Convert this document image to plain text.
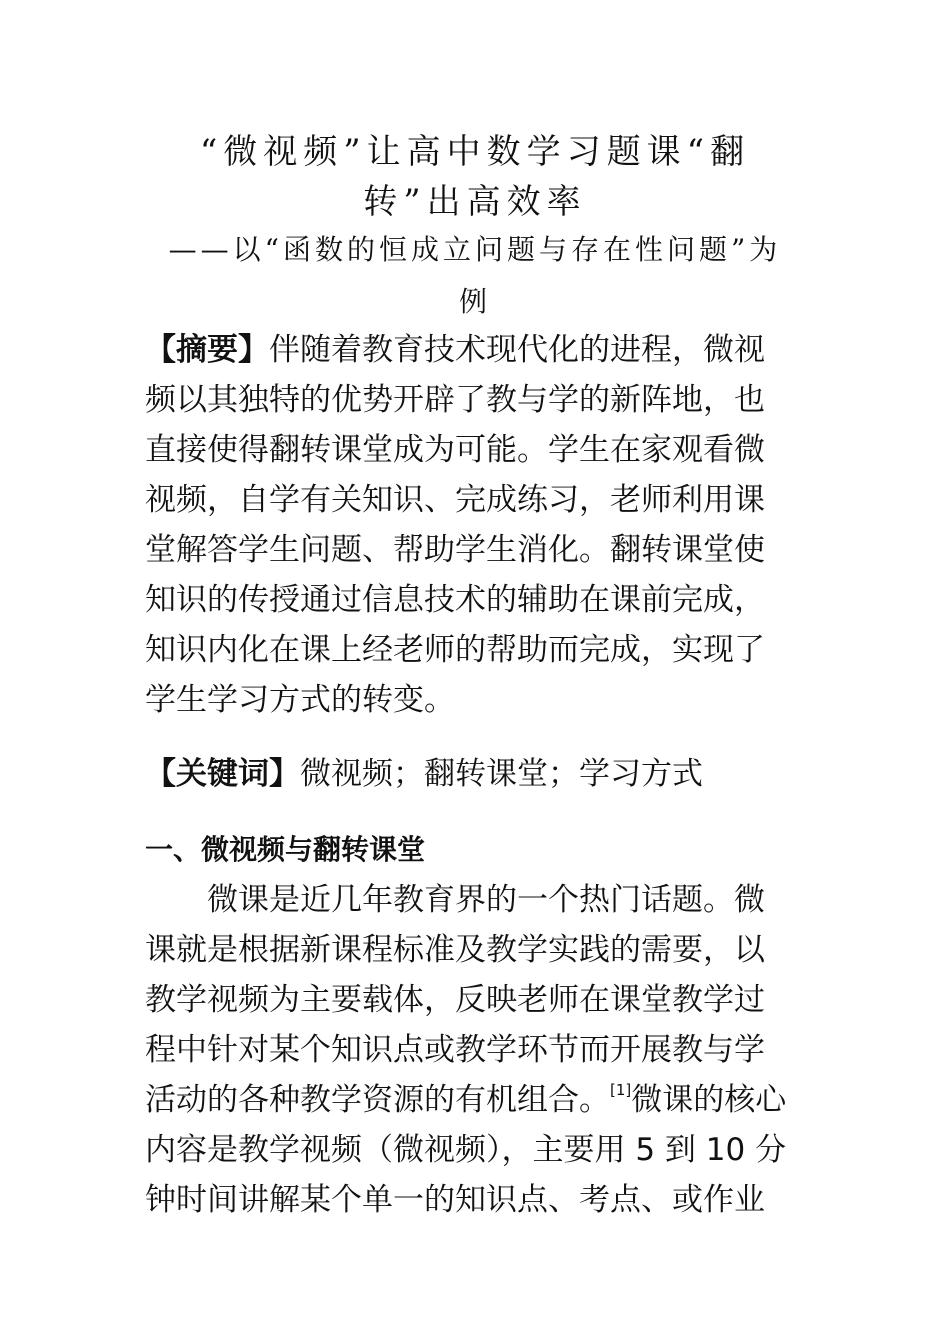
“微视频”让高中数学习题课“翻
转”出高效率

——以“函数的恒成立问题与存在性问题”为

例

【摘要】伴随着教育技术现代化的进程，微视

频以其独特的优势开辟了教与学的新阵地，也

直接使得翻转课堂成为可能。学生在家观看微

视频，自学有关知识、完成练习，老师利用课

堂解答学生问题、帮助学生消化。翻转课堂使

知识的传授通过信息技术的辅助在课前完成，

知识内化在课上经老师的帮助而完成，实现了

学生学习方式的转变。

【关键词】微视频；翻转课堂；学习方式

一、微视频与翻转课堂

微课是近几年教育界的一个热门话题。微

课就是根据新课程标准及教学实践的需要，以

教学视频为主要载体，反映老师在课堂教学过

程中针对某个知识点或教学环节而开展教与学

活动的各种教学资源的有机组合。[1]微课的核心

内容是教学视频（微视频），主要用 5 到 10 分

钟时间讲解某个单一的知识点、考点、或作业
